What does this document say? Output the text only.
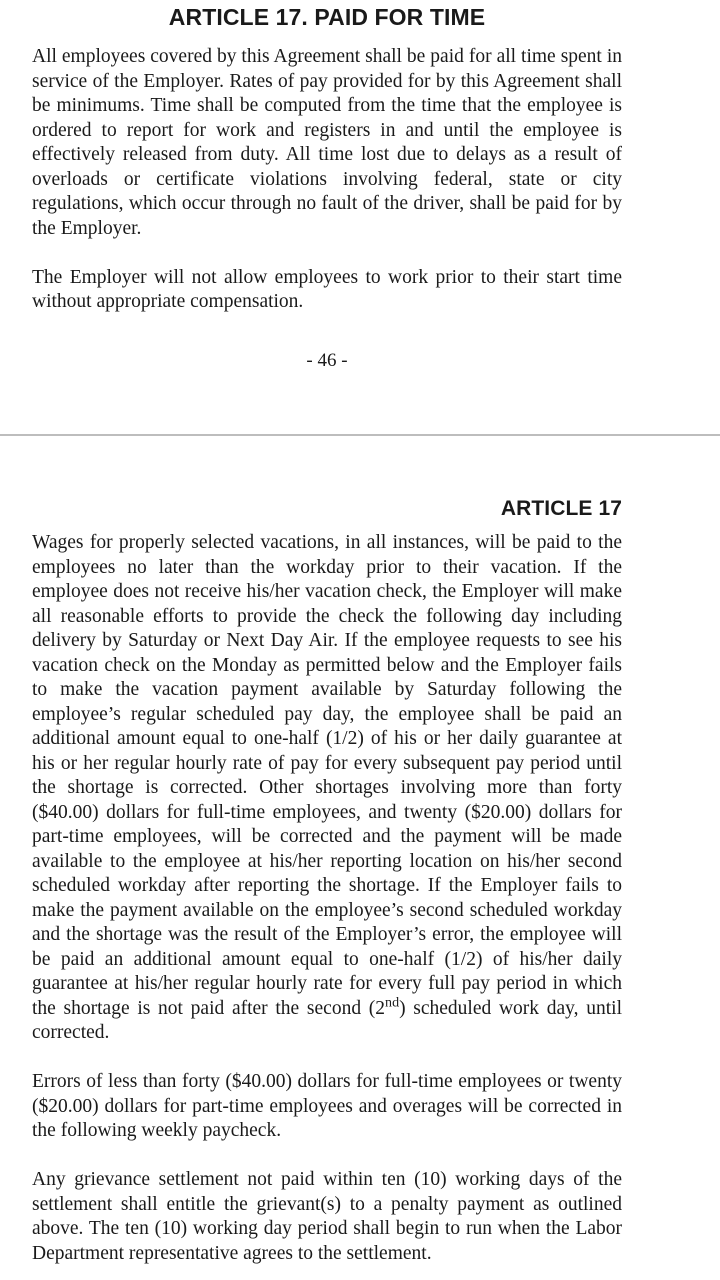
ARTICLE 17. PAID FOR TIME

All employees covered by this Agreement shall be paid for all time spent in service of the Employer. Rates of pay provided for by this Agreement shall be minimums. Time shall be computed from the time that the employee is ordered to report for work and registers in and until the employee is effectively released from duty. All time lost due to delays as a result of overloads or certificate violations involving federal, state or city regulations, which occur through no fault of the driver, shall be paid for by the Employer.

The Employer will not allow employees to work prior to their start time without appropriate compensation.

- 46 -
ARTICLE 17

Wages for properly selected vacations, in all instances, will be paid to the employees no later than the workday prior to their vacation. If the employee does not receive his/her vacation check, the Employer will make all reasonable efforts to provide the check the following day including delivery by Saturday or Next Day Air. If the employee requests to see his vacation check on the Monday as permitted below and the Employer fails to make the vacation payment available by Saturday following the employee’s regular scheduled pay day, the employee shall be paid an additional amount equal to one-half (1/2) of his or her daily guarantee at his or her regular hourly rate of pay for every subsequent pay period until the shortage is corrected. Other shortages involving more than forty ($40.00) dollars for full-time employees, and twenty ($20.00) dollars for part-time employees, will be corrected and the payment will be made available to the employee at his/her reporting location on his/her second scheduled workday after reporting the shortage. If the Employer fails to make the payment available on the employee’s second scheduled workday and the shortage was the result of the Employer’s error, the employee will be paid an additional amount equal to one-half (1/2) of his/her daily guarantee at his/her regular hourly rate for every full pay period in which the shortage is not paid after the second (2nd) scheduled work day, until corrected.

Errors of less than forty ($40.00) dollars for full-time employees or twenty ($20.00) dollars for part-time employees and overages will be corrected in the following weekly paycheck.

Any grievance settlement not paid within ten (10) working days of the settlement shall entitle the grievant(s) to a penalty payment as outlined above. The ten (10) working day period shall begin to run when the Labor Department representative agrees to the settlement.
